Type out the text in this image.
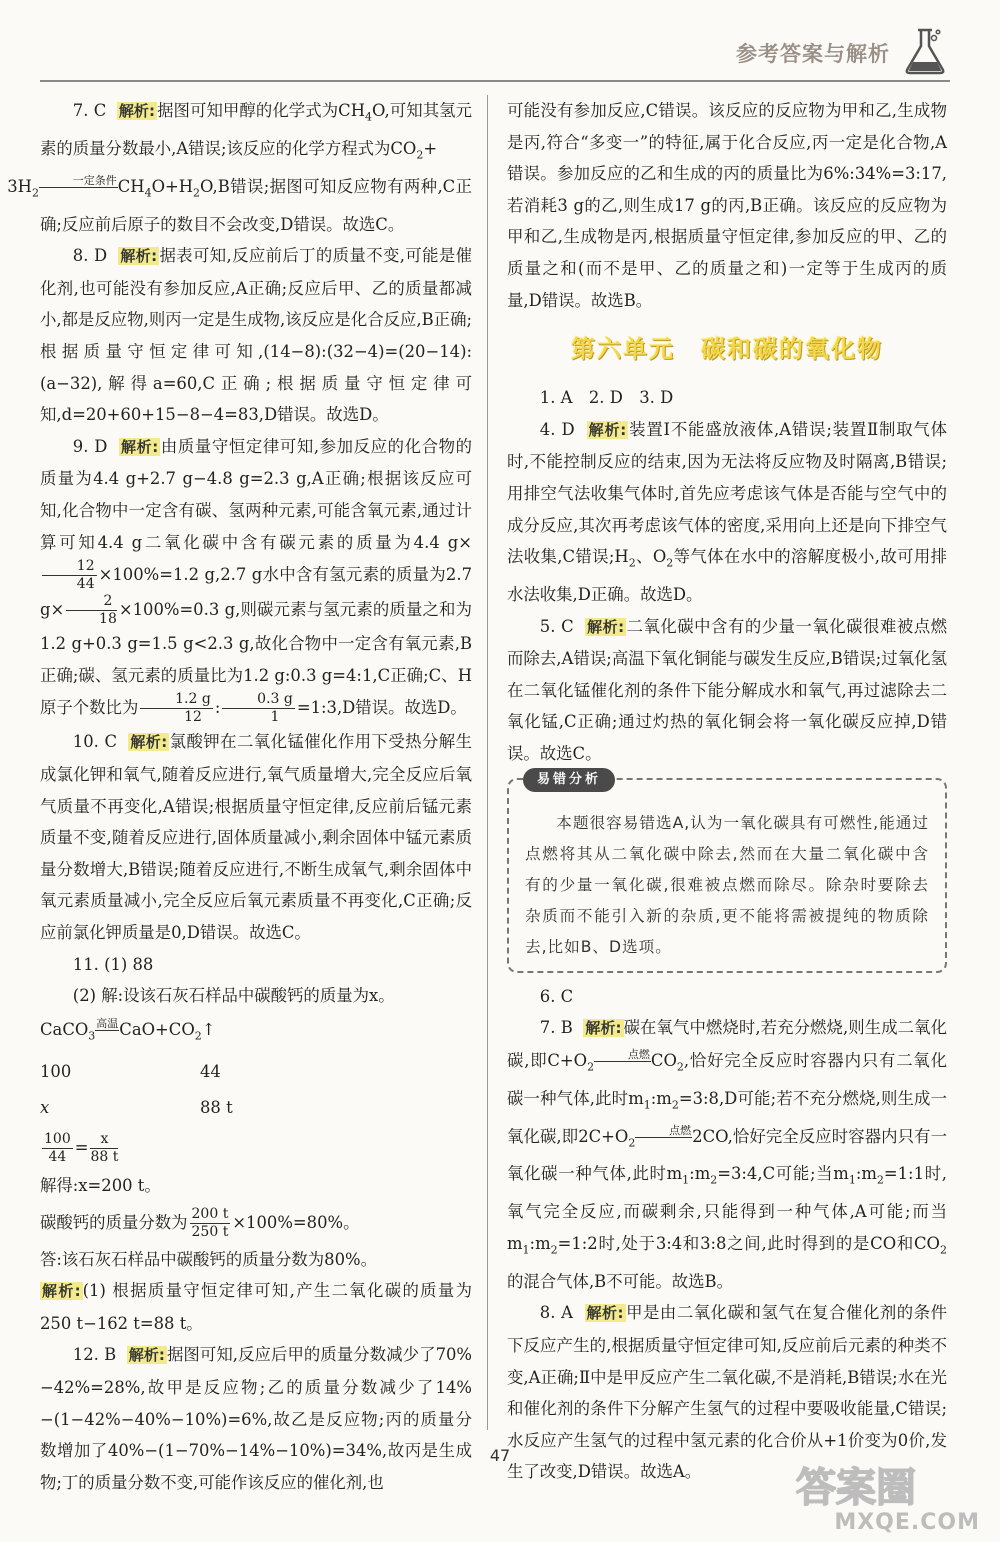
参考答案与解析

7. C 解析: 据图可知甲醇的化学式为$CH_4O$,可知其氢元素的质量分数最小,A错误;该反应的化学方程式为$CO_2+$
$3H_2$一定条件$CH_4O+H_2O,B$错误;据图可知反应物有两种,C正确;反应前后原子的数目不会改变,D错误。故选C。

8. D 解析: 据表可知,反应前后丁的质量不变,可能是催化剂,也可能没有参加反应,A正确;反应后甲、乙的质量都减小,都是反应物,则丙一定是生成物,该反应是化合反应,B正确;根据质量守恒定律可知,(14−8):(32−4)=(20−14):(a−32),解得a=60,C正确;根据质量守恒定律可知,d=20+60+15−8−4=83,D错误。故选D。

9. D 解析: 由质量守恒定律可知,参加反应的化合物的质量为4.4 g+2.7 g−4.8 g=2.3 g,A正确;根据该反应可知,化合物中一定含有碳、氢两种元素,可能含氧元素,通过计算可知4.4 g二氧化碳中含有碳元素的质量为4.4 g×
$\frac{12}{44} \times 100\%=1.2$ g,2.7 g水中含有氢元素的质量为2.7 $g\times \frac{2}{18} \times 100\%=0.3$ g,则碳元素与氢元素的质量之和为1.2 g+0.3 g=1.5 g<2.3 g,故化合物中一定含有氧元素,B正确;碳、氢元素的质量比为1.2 g:0.3 g=4:1,C正确;C、H原子个数比为 $\frac{1.2 g}{12}$ : $\frac{0.3 g}{1}$ =1:3,D错误。故选D。

10. C 解析: 氯酸钾在二氧化锰催化作用下受热分解生成氯化钾和氧气,随着反应进行,氧气质量增大,完全反应后氧气质量不再变化,A错误;根据质量守恒定律,反应前后锰元素质量不变,随着反应进行,固体质量减小,剩余固体中锰元素质量分数增大,B错误;随着反应进行,不断生成氧气,剩余固体中氧元素质量减小,完全反应后氧元素质量不再变化,C正确;反应前氯化钾质量是0,D错误。故选C。

11. (1) 88

(2) 解:设该石灰石样品中碳酸钙的质量为x。

CaCO$_3$高温$CaO+CO_2↑$

100	44

x	88 t

$\frac{100}{44} = \frac{x}{88 t}$

解得:x=200 t。

碳酸钙的质量分数为 $\frac{200 t}{250 t} \times 100\%=80\%$。

答:该石灰石样品中碳酸钙的质量分数为80%。

解析: (1) 根据质量守恒定律可知,产生二氧化碳的质量为250 t−162 t=88 t。

12. B 解析: 据图可知,反应后甲的质量分数减少了70%−42%=28%,故甲是反应物;乙的质量分数减少了14%−(1−42%−40%−10%)=6%,故乙是反应物;丙的质量分数增加了40%−(1−70%−14%−10%)=34%,故丙是生成物;丁的质量分数不变,可能作该反应的催化剂,也

可能没有参加反应,C错误。该反应的反应物为甲和乙,生成物是丙,符合“多变一”的特征,属于化合反应,丙一定是化合物,A错误。参加反应的乙和生成的丙的质量比为6%:34%=3:17,若消耗3 g的乙,则生成17 g的丙,B正确。该反应的反应物为甲和乙,生成物是丙,根据质量守恒定律,参加反应的甲、乙的质量之和(而不是甲、乙的质量之和)一定等于生成丙的质量,D错误。故选B。

第六单元　碳和碳的氧化物

1. A　2. D　3. D

4. D 解析: 装置Ⅰ不能盛放液体,A错误;装置Ⅱ制取气体时,不能控制反应的结束,因为无法将反应物及时隔离,B错误;用排空气法收集气体时,首先应考虑该气体是否能与空气中的成分反应,其次再考虑该气体的密度,采用向上还是向下排空气法收集,C错误$;H_2$、$O_2$等气体在水中的溶解度极小,故可用排水法收集,D正确。故选D。

5. C 解析: 二氧化碳中含有的少量一氧化碳很难被点燃而除去,A错误;高温下氧化铜能与碳发生反应,B错误;过氧化氢在二氧化锰催化剂的条件下能分解成水和氧气,再过滤除去二氧化锰,C正确;通过灼热的氧化铜会将一氧化碳反应掉,D错误。故选C。

易错分析
本题很容易错选A,认为一氧化碳具有可燃性,能通过点燃将其从二氧化碳中除去,然而在大量二氧化碳中含有的少量一氧化碳,很难被点燃而除尽。除杂时要除去杂质而不能引入新的杂质,更不能将需被提纯的物质除去,比如B、D选项。

6. C

7. B 解析: 碳在氧气中燃烧时,若充分燃烧,则生成二氧化碳,即$C+O_2$点燃$CO_2$,恰好完全反应时容器内只有二氧化碳一种气体,此时$m_1:m_2=3:8,D$可能;若不充分燃烧,则生成一氧化碳,即$2C+O_2$点燃2CO,恰好完全反应时容器内只有一氧化碳一种气体,此时$m_1:m_2=3:4,C$可能;当$m_1:m_2=1:1$时,氧气完全反应,而碳剩余,只能得到一种气体,A可能;而当$m_1:m_2=1:2$时,处于3:4和3:8之间,此时得到的是CO和$CO_2$的混合气体,B不可能。故选B。

8. A 解析: 甲是由二氧化碳和氢气在复合催化剂的条件下反应产生的,根据质量守恒定律可知,反应前后元素的种类不变,A正确;Ⅱ中是甲反应产生二氧化碳,不是消耗,B错误;水在光和催化剂的条件下分解产生氢气的过程中要吸收能量,C错误;水反应产生氢气的过程中氢元素的化合价从+1价变为0价,发生了改变,D错误。故选A。

47
答案圈
MXQE.COM
